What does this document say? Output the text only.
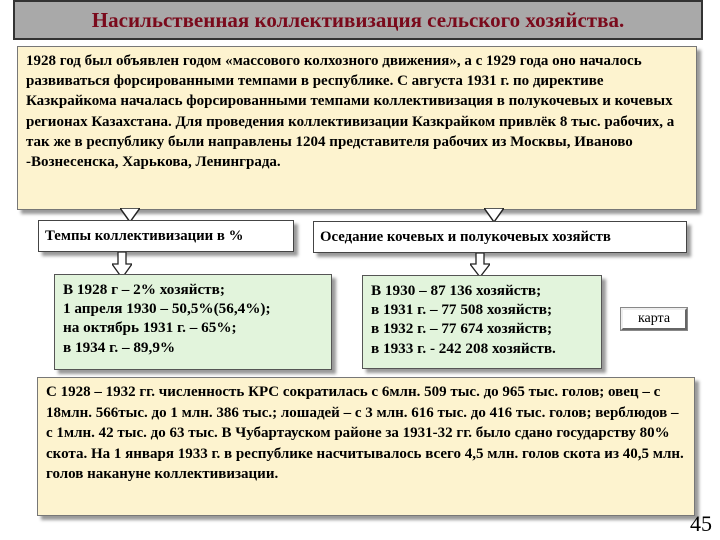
Насильственная коллективизация сельского хозяйства.
1928 год был объявлен годом «массового колхозного движения», а с 1929 года оно началось развиваться форсированными темпами в республике. С августа 1931 г. по директиве Казкрайкома началась форсированными темпами коллективизация в полукочевых и кочевых регионах Казахстана. Для проведения коллективизации Казкрайком привлёк 8 тыс. рабочих, а так же в республику были направлены 1204 представителя рабочих из Москвы, Иваново -Вознесенска, Харькова, Ленинграда.
Темпы коллективизации в %	Оседание кочевых и полукочевых хозяйств
В 1928 г – 2% хозяйств;
1 апреля 1930 – 50,5%(56,4%);
на октябрь 1931 г. – 65%;
в 1934 г. – 89,9%
В 1930 – 87 136 хозяйств;
в 1931 г. – 77 508 хозяйств;
в 1932 г. – 77 674 хозяйств;
в 1933 г. - 242 208 хозяйств.
карта
С 1928 – 1932 гг. численность КРС сократилась с 6млн. 509 тыс. до 965 тыс. голов; овец – с 18млн. 566тыс. до 1 млн. 386 тыс.; лошадей – с 3 млн. 616 тыс. до 416 тыс. голов; верблюдов – с 1млн. 42 тыс. до 63 тыс. В Чубартауском районе за 1931-32 гг. было сдано государству 80% скота. На 1 января 1933 г. в республике насчитывалось всего 4,5 млн. голов скота из 40,5 млн. голов накануне коллективизации.
45
